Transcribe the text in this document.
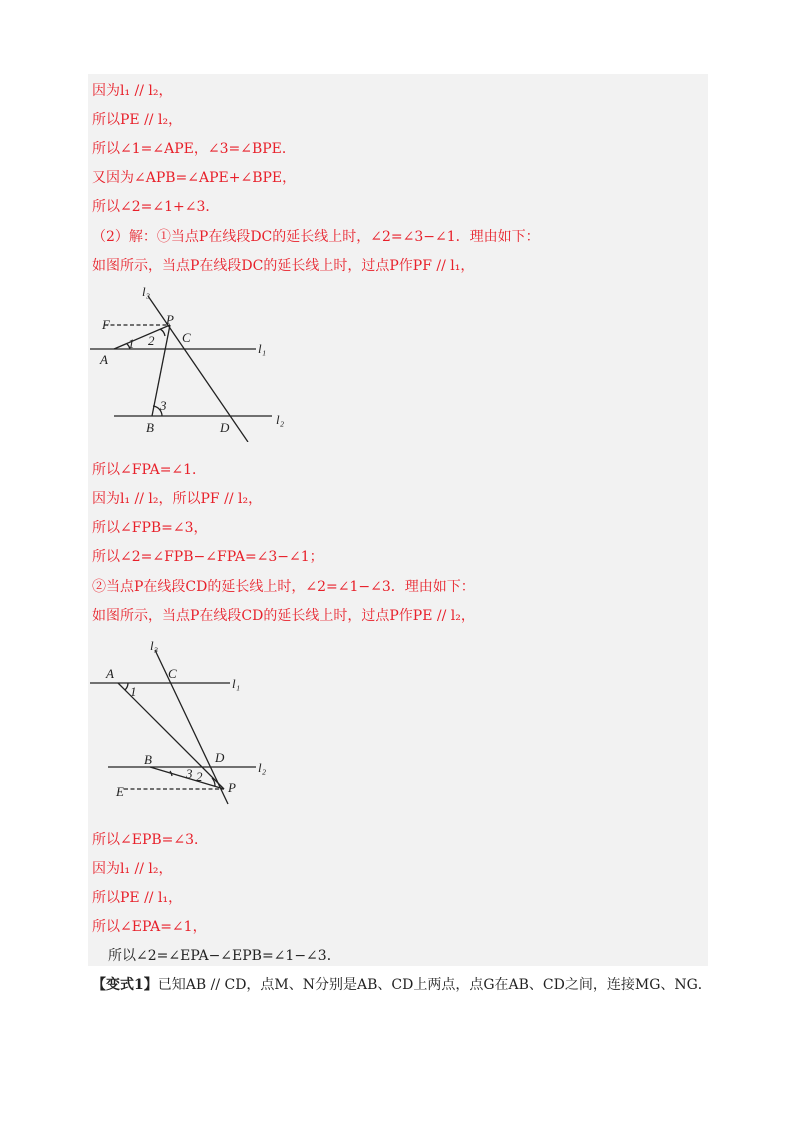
因为l₁ // l₂，
所以PE // l₂，
所以∠1=∠APE，∠3=∠BPE．
又因为∠APB=∠APE+∠BPE，
所以∠2=∠1+∠3．
（2）解：①当点P在线段DC的延长线上时，∠2=∠3−∠1．理由如下：
如图所示，当点P在线段DC的延长线上时，过点P作PF // l₁，
l₃
F	P
C
2
1
A
l₁
3
B	D
l₂
所以∠FPA=∠1．
因为l₁ // l₂，所以PF // l₂，
所以∠FPB=∠3，
所以∠2=∠FPB−∠FPA=∠3−∠1；
②当点P在线段CD的延长线上时，∠2=∠1−∠3．理由如下：
如图所示，当点P在线段CD的延长线上时，过点P作PE // l₂，
l₃
A	C
l₁
1
B	D
l₂
3 2
E	P
所以∠EPB=∠3．
因为l₁ // l₂，
所以PE // l₁，
所以∠EPA=∠1，
所以∠2=∠EPA−∠EPB=∠1−∠3．
【变式1】已知AB // CD，点M、N分别是AB、CD上两点，点G在AB、CD之间，连接MG、NG．
